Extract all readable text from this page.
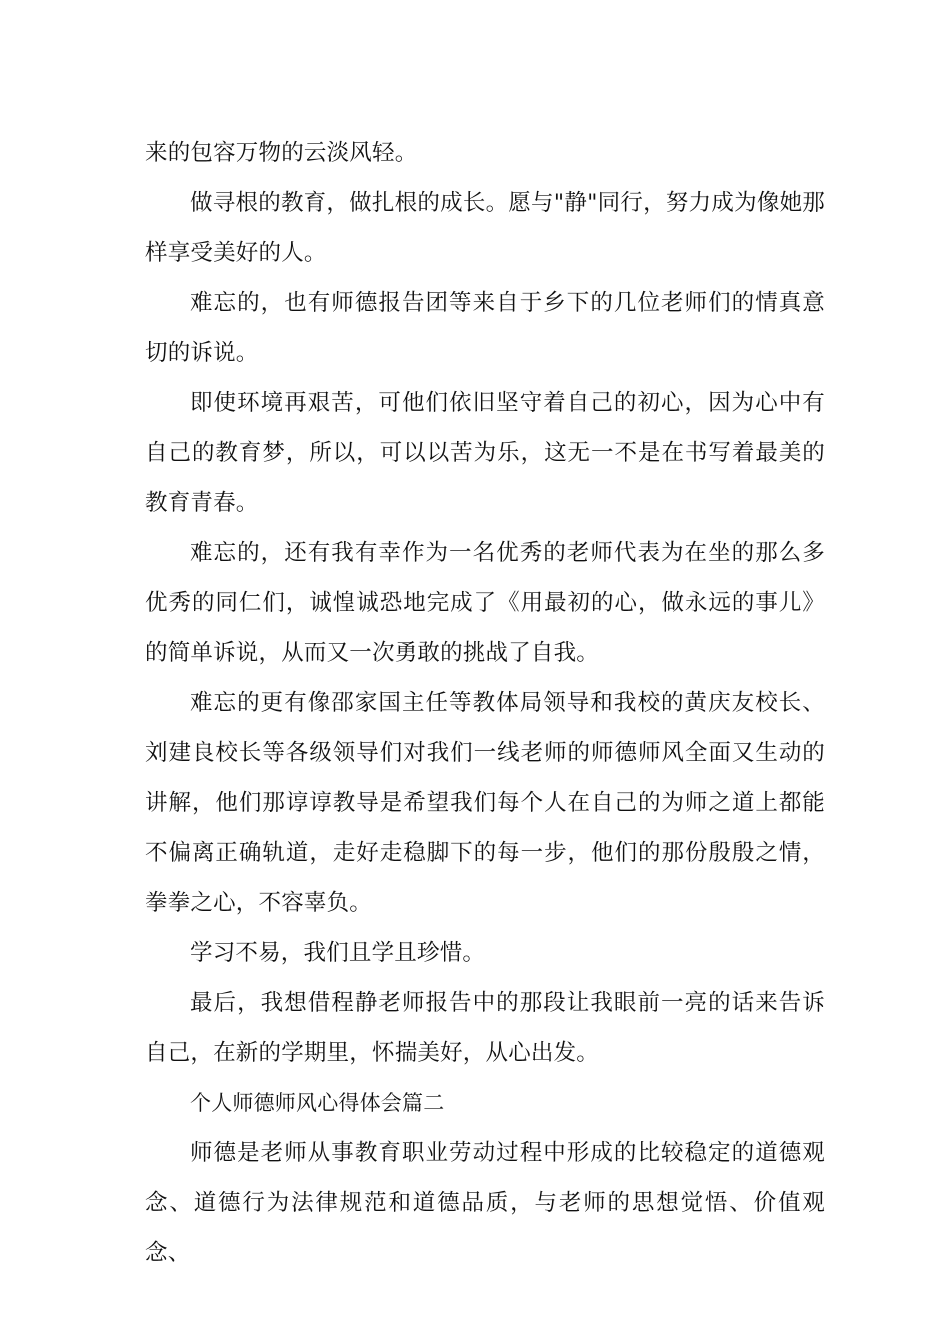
来的包容万物的云淡风轻。

做寻根的教育，做扎根的成长。愿与"静"同行，努力成为像她那样享受美好的人。

难忘的，也有师德报告团等来自于乡下的几位老师们的情真意切的诉说。

即使环境再艰苦，可他们依旧坚守着自己的初心，因为心中有自己的教育梦，所以，可以以苦为乐，这无一不是在书写着最美的教育青春。

难忘的，还有我有幸作为一名优秀的老师代表为在坐的那么多优秀的同仁们，诚惶诚恐地完成了《用最初的心，做永远的事儿》的简单诉说，从而又一次勇敢的挑战了自我。

难忘的更有像邵家国主任等教体局领导和我校的黄庆友校长、刘建良校长等各级领导们对我们一线老师的师德师风全面又生动的讲解，他们那谆谆教导是希望我们每个人在自己的为师之道上都能不偏离正确轨道，走好走稳脚下的每一步，他们的那份殷殷之情，拳拳之心，不容辜负。

学习不易，我们且学且珍惜。

最后，我想借程静老师报告中的那段让我眼前一亮的话来告诉自己，在新的学期里，怀揣美好，从心出发。

个人师德师风心得体会篇二

师德是老师从事教育职业劳动过程中形成的比较稳定的道德观念、道德行为法律规范和道德品质，与老师的思想觉悟、价值观念、
